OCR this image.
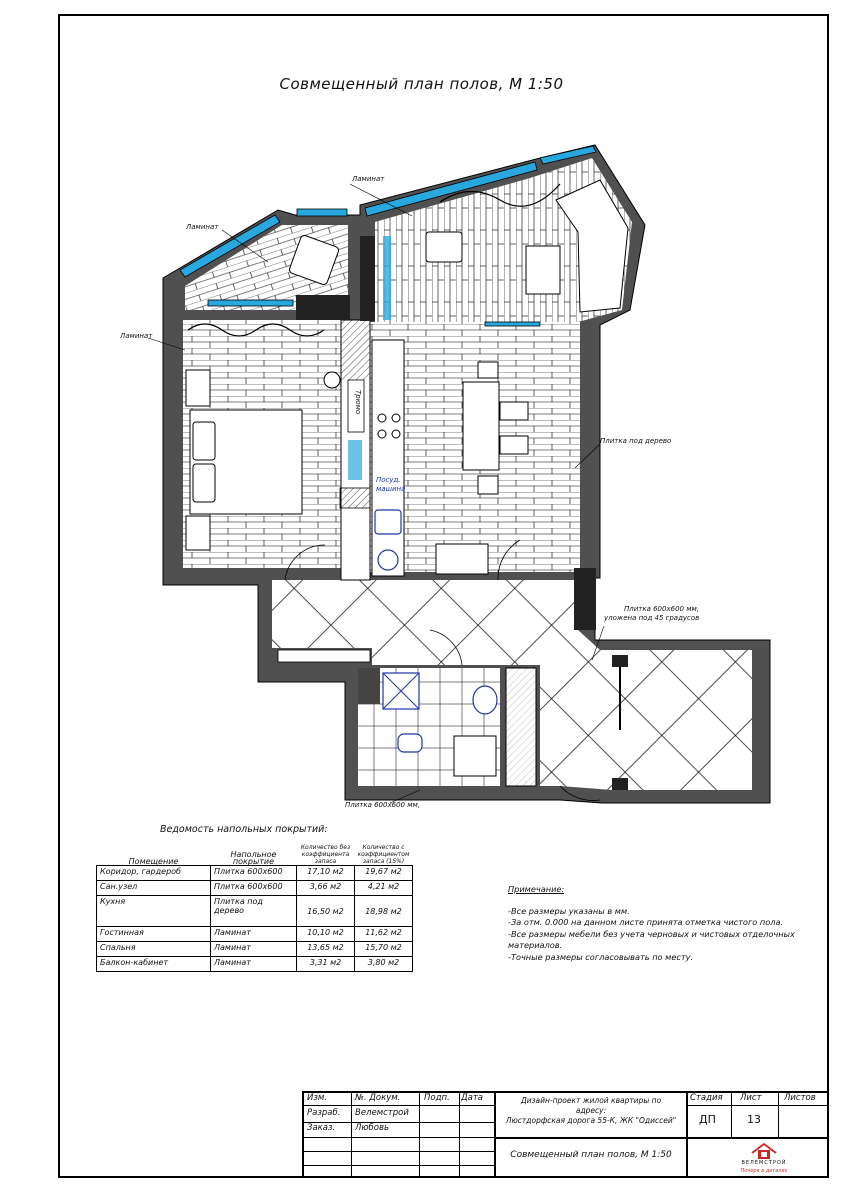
Совмещенный план полов, М 1:50
Ламинат
Ламинат
Ламинат
Плитка под дерево
Плитка 600х600 мм,
уложена под 45 градусов
Плитка 600х600 мм,
Трюмо
Посуд.
машина
Ведомость напольных покрытий:
Помещение	Напольное покрытие	Количество без коэффициента запаса	Количество с коэффициентом запаса (15%)
Коридор, гардероб	Плитка 600х600	17,10 м2	19,67 м2
Сан.узел	Плитка 600х600	3,66 м2	4,21 м2
Кухня	Плитка под дерево	16,50 м2	18,98 м2
Гостинная	Ламинат	10,10 м2	11,62 м2
Спальня	Ламинат	13,65 м2	15,70 м2
Балкон-кабинет	Ламинат	3,31 м2	3,80 м2
Примечание:
-Все размеры указаны в мм.
-За отм. 0.000 на данном листе принята отметка чистого пола.
-Все размеры мебели без учета черновых и чистовых отделочных материалов.
-Точные размеры согласовывать по месту.
Изм.	№. Докум.	Подп. Дата
Разраб. Велемстрой
Заказ. Любовь
Дизайн-проект жилой квартиры по
адресу:
Люстдорфская дорога 55-К, ЖК "Одиссей"
Совмещенный план полов, М 1:50
Стадия Лист	Листов
ДП	13
ВЕЛЕМСТРОЙ
Почерк в деталях
